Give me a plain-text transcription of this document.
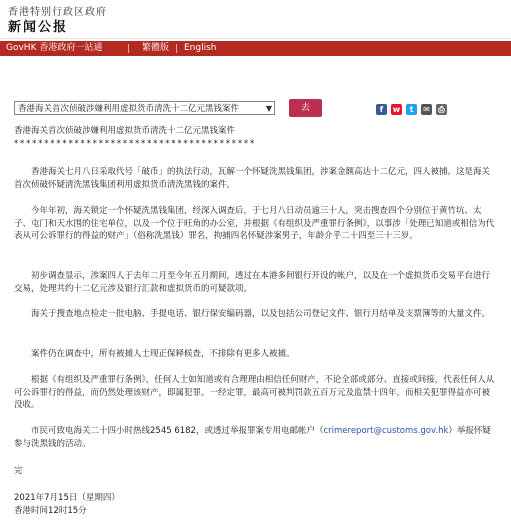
香港特别行政区政府
新闻公报
GovHK 香港政府一站通	繁體版 English
香港海关首次侦破涉嫌利用虚拟货币清洗十二亿元黑钱案件	▼	去	f	w	t	✉ ⎙

香港海关首次侦破涉嫌利用虚拟货币清洗十二亿元黑钱案件

****************************************

香港海关七月八日采取代号「破币」的执法行动，瓦解一个怀疑洗黑钱集团，涉案金额高达十二亿元，四人被捕。这是海关首次侦破怀疑清洗黑钱集团利用虚拟货币清洗黑钱的案件。

今年年初，海关锁定一个怀疑洗黑钱集团，经深入调查后，于七月八日动员逾三十人，突击搜查四个分别位于黄竹坑、太子、屯门和天水围的住宅单位，以及一个位于旺角的办公室，并根据《有组织及严重罪行条例》，以事涉「处理已知道或相信为代表从可公诉罪行的得益的财产」（俗称洗黑钱）罪名，拘捕四名怀疑涉案男子，年龄介乎二十四至三十三岁。

初步调查显示，涉案四人于去年二月至今年五月期间，透过在本港多间银行开设的帐户，以及在一个虚拟货币交易平台进行交易，处理共约十二亿元涉及银行汇款和虚拟货币的可疑款项。

海关于搜查地点检走一批电脑、手提电话、银行保安编码器，以及包括公司登记文件、银行月结单及支票簿等的大量文件。

案件仍在调查中，所有被捕人士现正保释候查，不排除有更多人被捕。

根据《有组织及严重罪行条例》，任何人士如知道或有合理理由相信任何财产，不论全部或部分、直接或间接，代表任何人从可公诉罪行的得益，而仍然处理该财产，即属犯罪。一经定罪，最高可被判罚款五百万元及监禁十四年，而相关犯罪得益亦可被没收。

市民可致电海关二十四小时热线2545 6182，或透过举报罪案专用电邮帐户（crimereport@customs.gov.hk）举报怀疑参与洗黑钱的活动。

完

2021年7月15日（星期四）

香港时间12时15分
